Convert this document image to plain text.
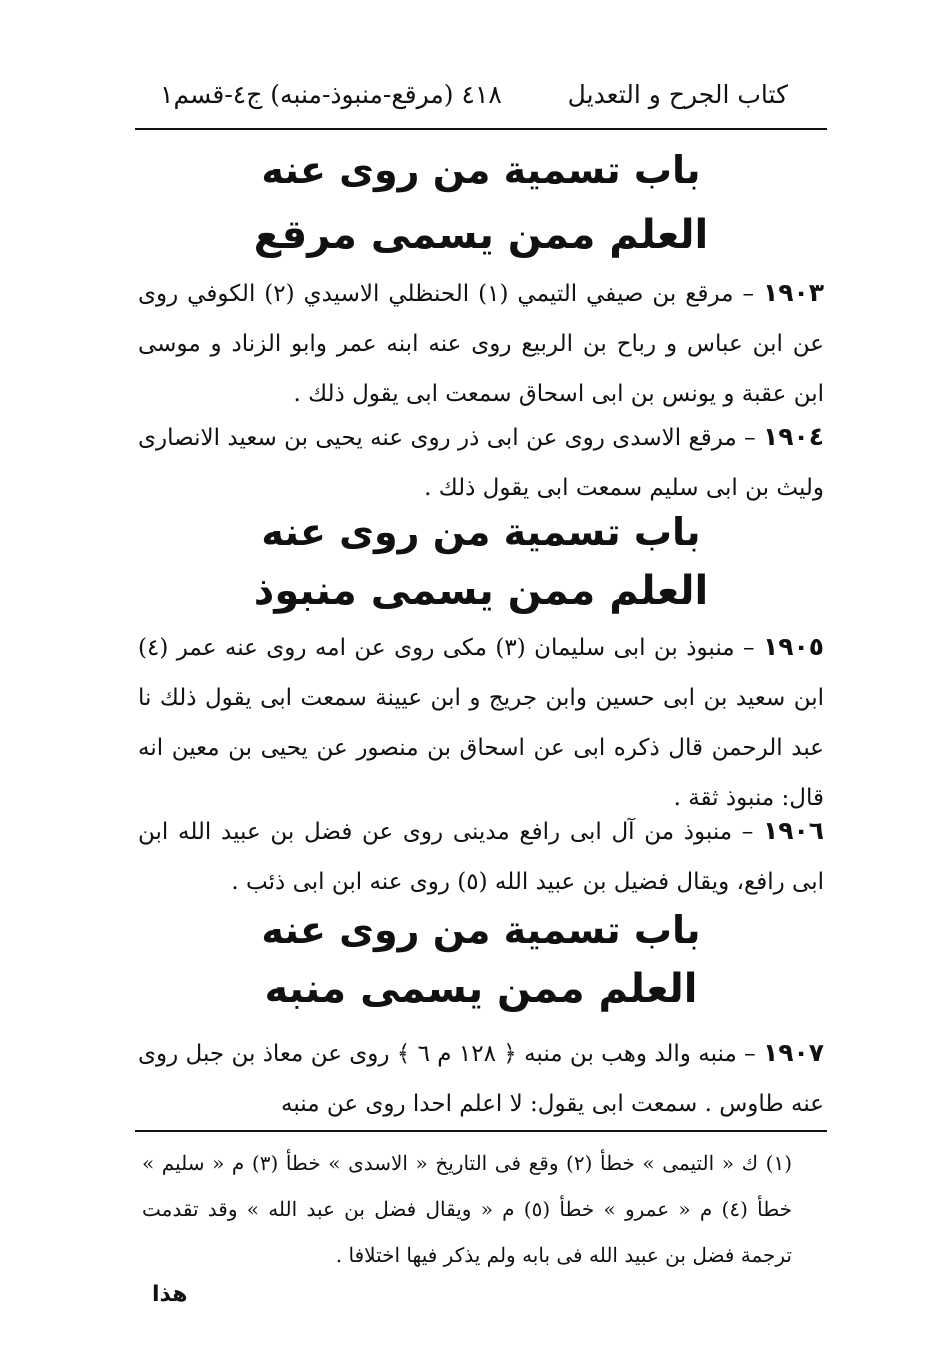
كتاب الجرح و التعديل
٤١٨ (مرقع-منبوذ-منبه) ج٤-قسم١
باب تسمية من روى عنه
العلم ممن يسمى مرقع
١٩٠٣ – مرقع بن صيفي التيمي (١) الحنظلي الاسيدي (٢) الكوفي روى عن ابن عباس و رباح بن الربيع روى عنه ابنه عمر وابو الزناد و موسى ابن عقبة و يونس بن ابى اسحاق سمعت ابى يقول ذلك .
١٩٠٤ – مرقع الاسدى روى عن ابى ذر روى عنه يحيى بن سعيد الانصارى وليث بن ابى سليم سمعت ابى يقول ذلك .
باب تسمية من روى عنه
العلم ممن يسمى منبوذ
١٩٠٥ – منبوذ بن ابى سليمان (٣) مكى روى عن امه روى عنه عمر (٤) ابن سعيد بن ابى حسين وابن جريج و ابن عيينة سمعت ابى يقول ذلك نا عبد الرحمن قال ذكره ابى عن اسحاق بن منصور عن يحيى بن معين انه قال: منبوذ ثقة .
١٩٠٦ – منبوذ من آل ابى رافع مدينى روى عن فضل بن عبيد الله ابن ابى رافع، ويقال فضيل بن عبيد الله (٥) روى عنه ابن ابى ذئب .
باب تسمية من روى عنه
العلم ممن يسمى منبه
١٩٠٧ – منبه والد وهب بن منبه ﴿ ١٢٨ م ٦ ﴾ روى عن معاذ بن جبل روى عنه طاوس . سمعت ابى يقول: لا اعلم احدا روى عن منبه
(١) ك « التيمى » خطأ (٢) وقع فى التاريخ « الاسدى » خطأ (٣) م « سليم » خطأ (٤) م « عمرو » خطأ (٥) م « ويقال فضل بن عبد الله » وقد تقدمت ترجمة فضل بن عبيد الله فى بابه ولم يذكر فيها اختلافا .
هذا
